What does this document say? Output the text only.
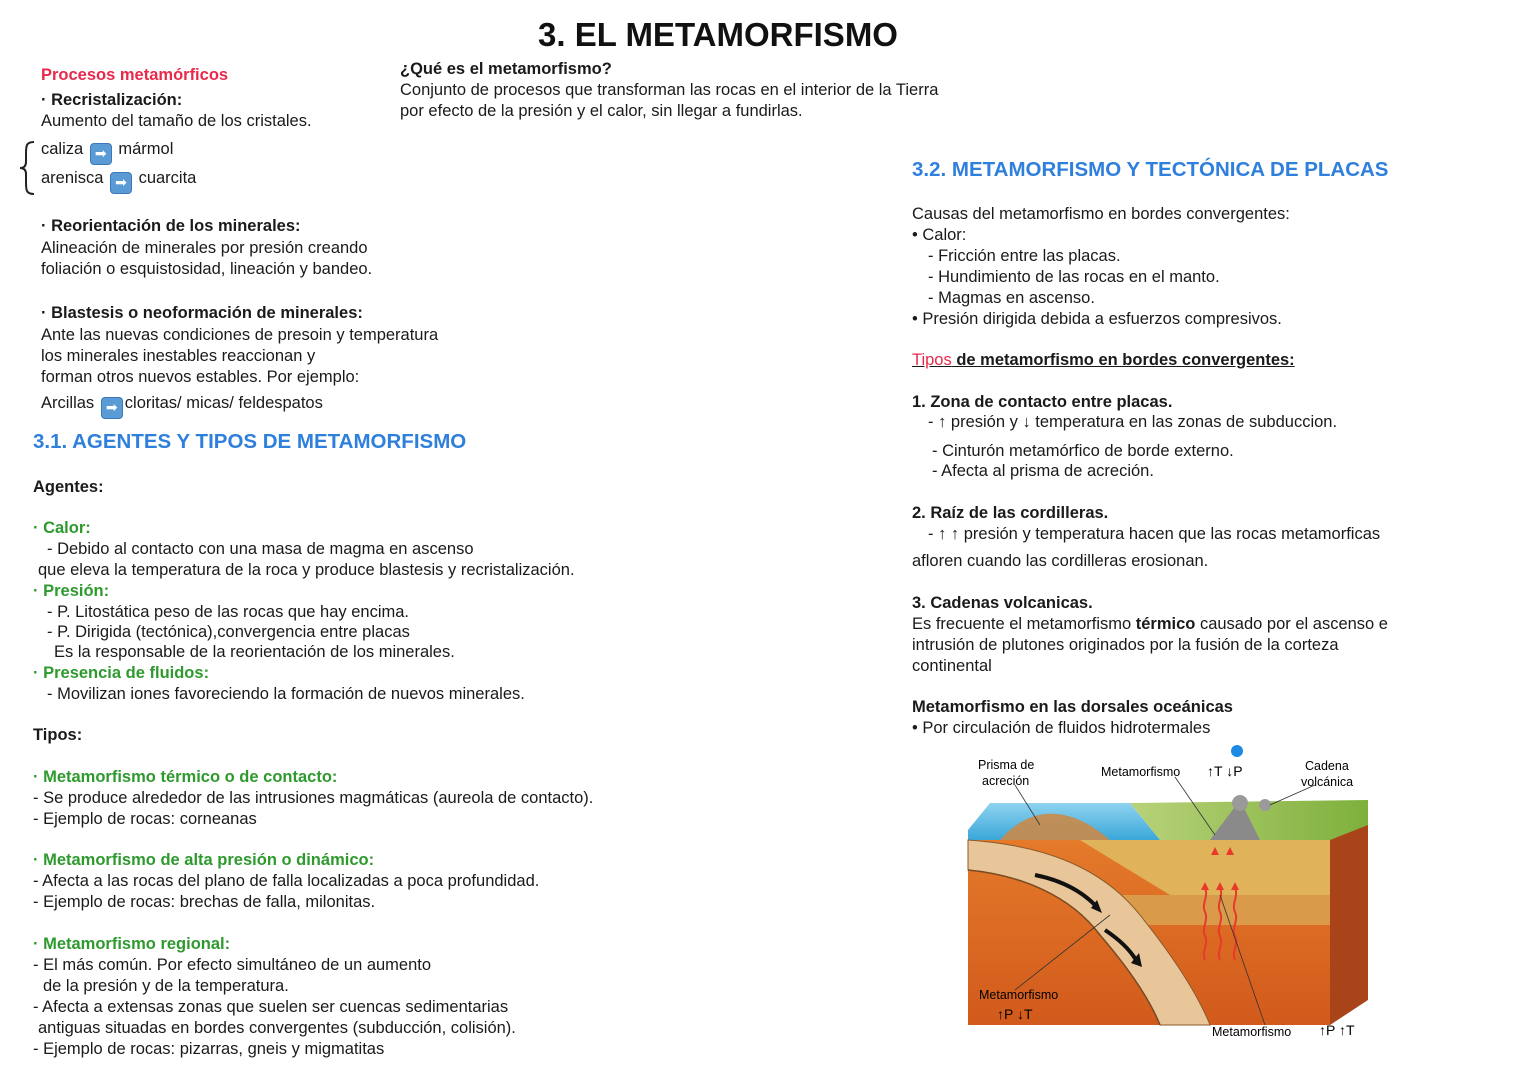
3. EL METAMORFISMO
¿Qué es el metamorfismo?
Conjunto de procesos que transforman las rocas en el interior de la Tierra
por efecto de la presión y el calor, sin llegar a fundirlas.
Procesos metamórficos
· Recristalización:
Aumento del tamaño de los cristales.
caliza ➡ mármol
arenisca ➡ cuarcita
· Reorientación de los minerales:
Alineación de minerales por presión creando
foliación o esquistosidad, lineación y bandeo.
· Blastesis o neoformación de minerales:
Ante las nuevas condiciones de presoin y temperatura
los minerales inestables reaccionan y
forman otros nuevos estables. Por ejemplo:
Arcillas ➡ cloritas/ micas/ feldespatos
3.1. AGENTES Y TIPOS DE METAMORFISMO
Agentes:
· Calor:
- Debido al contacto con una masa de magma en ascenso
que eleva la temperatura de la roca y produce blastesis y recristalización.
· Presión:
- P. Litostática peso de las rocas que hay encima.
- P. Dirigida (tectónica),convergencia entre placas
Es la responsable de la reorientación de los minerales.
· Presencia de fluidos:
- Movilizan iones favoreciendo la formación de nuevos minerales.
Tipos:
· Metamorfismo térmico o de contacto:
- Se produce alrededor de las intrusiones magmáticas (aureola de contacto).
- Ejemplo de rocas: corneanas
· Metamorfismo de alta presión o dinámico:
- Afecta a las rocas del plano de falla localizadas a poca profundidad.
- Ejemplo de rocas: brechas de falla, milonitas.
· Metamorfismo regional:
- El más común. Por efecto simultáneo de un aumento
de la presión y de la temperatura.
- Afecta a extensas zonas que suelen ser cuencas sedimentarias
antiguas situadas en bordes convergentes (subducción, colisión).
- Ejemplo de rocas: pizarras, gneis y migmatitas
3.2. METAMORFISMO Y TECTÓNICA DE PLACAS
Causas del metamorfismo en bordes convergentes:
• Calor:
- Fricción entre las placas.
- Hundimiento de las rocas en el manto.
- Magmas en ascenso.
• Presión dirigida debida a esfuerzos compresivos.
Tipos de metamorfismo en bordes convergentes:
1. Zona de contacto entre placas.
- ↑ presión y ↓ temperatura en las zonas de subduccion.
- Cinturón metamórfico de borde externo.
- Afecta al prisma de acreción.
2. Raíz de las cordilleras.
- ↑ ↑ presión y temperatura hacen que las rocas metamorficas
afloren cuando las cordilleras erosionan.
3. Cadenas volcanicas.
Es frecuente el metamorfismo térmico causado por el ascenso e
intrusión de plutones originados por la fusión de la corteza
continental
Metamorfismo en las dorsales oceánicas
• Por circulación de fluidos hidrotermales
Prisma de
acreción
Metamorfismo ↑T ↓P	Cadena
volcánica
Metamorfismo
↑P ↓T
Metamorfismo ↑P ↑T
